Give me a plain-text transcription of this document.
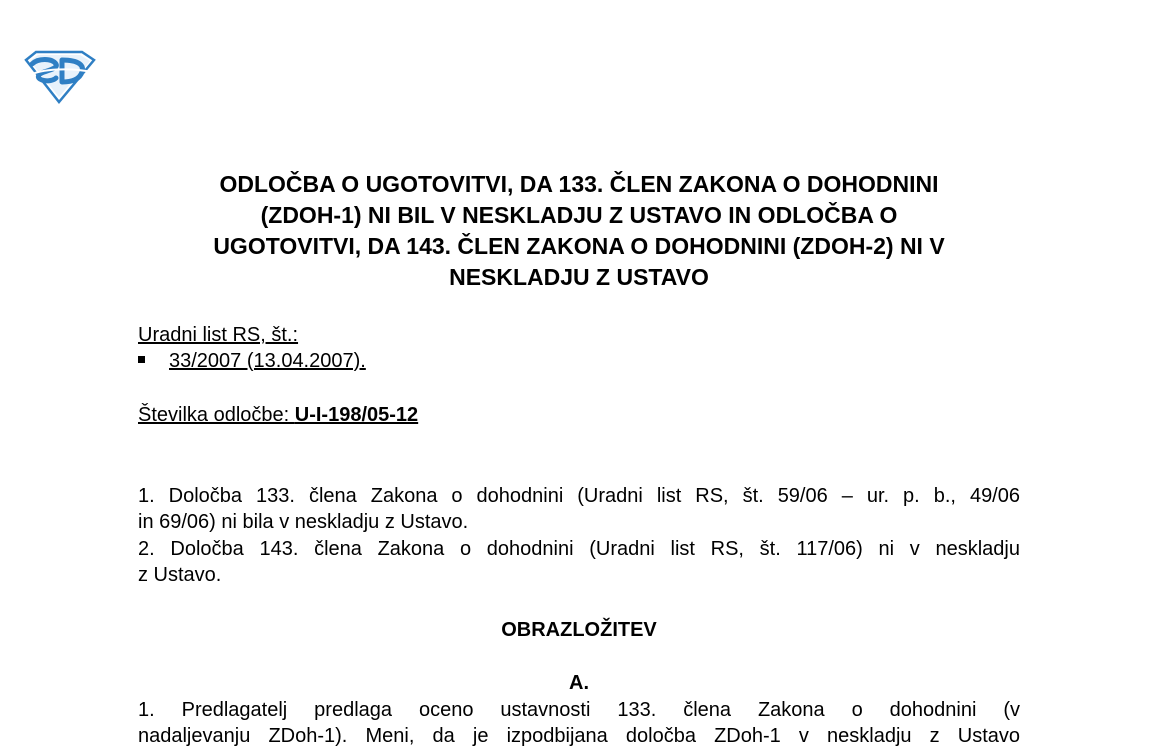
ODLOČBA O UGOTOVITVI, DA 133. ČLEN ZAKONA O DOHODNINI
(ZDOH-1) NI BIL V NESKLADJU Z USTAVO IN ODLOČBA O
UGOTOVITVI, DA 143. ČLEN ZAKONA O DOHODNINI (ZDOH-2) NI V
NESKLADJU Z USTAVO
Uradni list RS, št.:
33/2007 (13.04.2007).
Številka odločbe: U-I-198/05-12
1. Določba 133. člena Zakona o dohodnini (Uradni list RS, št. 59/06 – ur. p. b., 49/06
in 69/06) ni bila v neskladju z Ustavo.
2. Določba 143. člena Zakona o dohodnini (Uradni list RS, št. 117/06) ni v neskladju
z Ustavo.
OBRAZLOŽITEV
A.
1. Predlagatelj predlaga oceno ustavnosti 133. člena Zakona o dohodnini (v
nadaljevanju ZDoh-1). Meni, da je izpodbijana določba ZDoh-1 v neskladju z Ustavo
